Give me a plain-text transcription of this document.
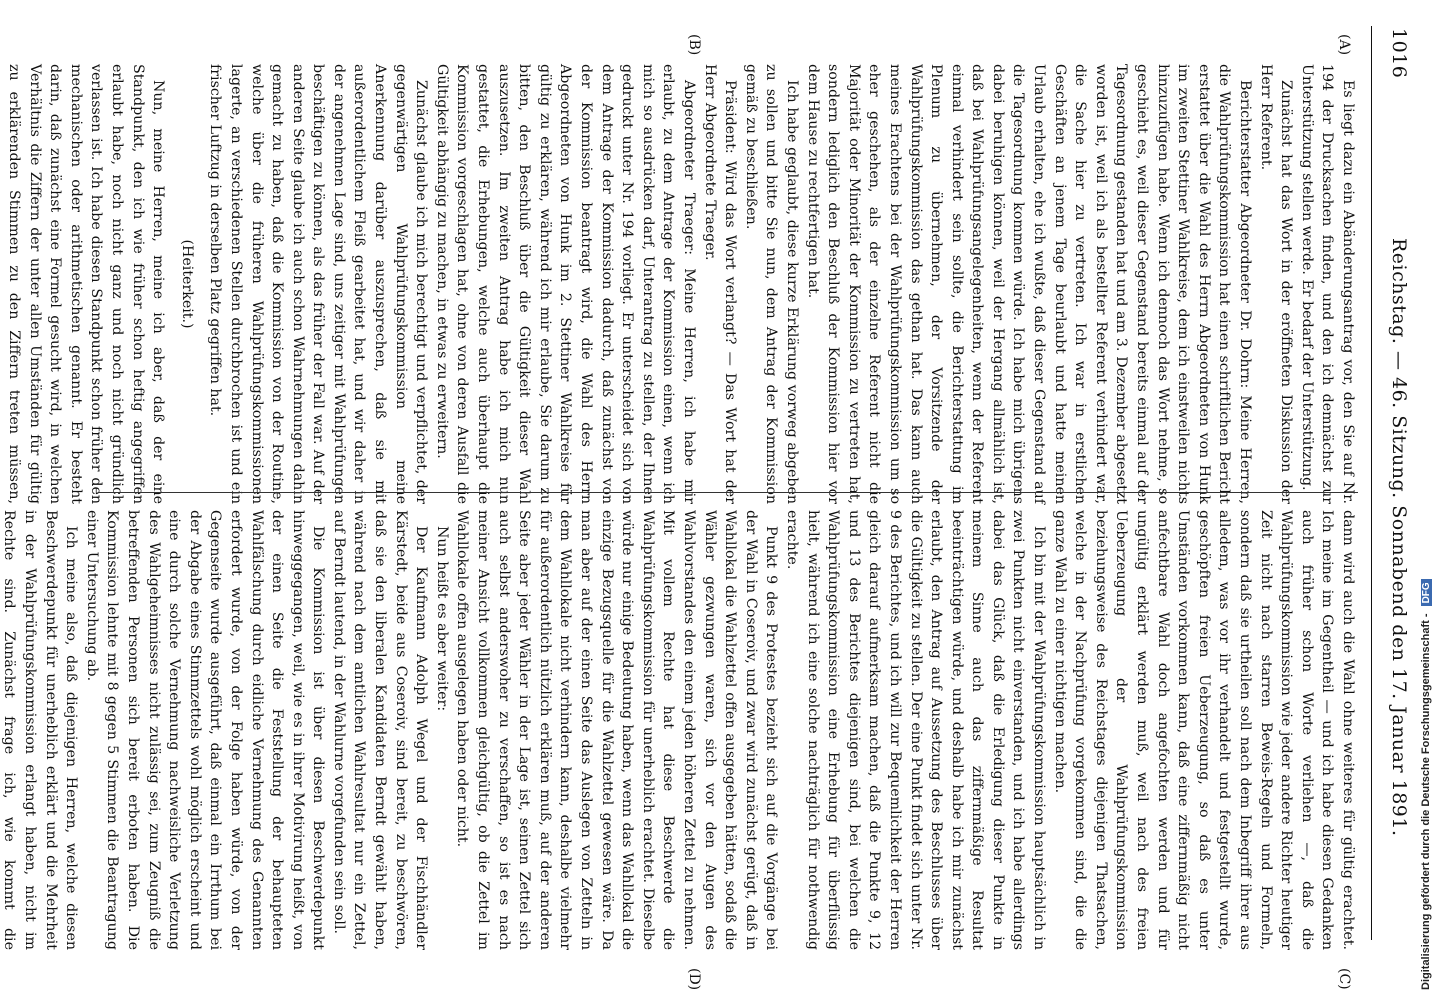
1016
Reichstag. — 46. Sitzung. Sonnabend den 17. Januar 1891.
(A)
(B)
(C)
(D)

Es liegt dazu ein Abänderungsantrag vor, den Sie auf Nr. 194 der Drucksachen finden, und den ich demnächst zur Unterstützung stellen werde. Er bedarf der Unterstützung.

Zunächst hat das Wort in der eröffneten Diskussion der Herr Referent.

Berichterstatter Abgeordneter Dr. Dohrn: Meine Herren, die Wahlprüfungskommission hat einen schriftlichen Bericht erstattet über die Wahl des Herrn Abgeordneten von Hunk im zweiten Stettiner Wahlkreise, dem ich einstweilen nichts hinzuzufügen habe. Wenn ich dennoch das Wort nehme, so geschieht es, weil dieser Gegenstand bereits einmal auf der Tagesordnung gestanden hat und am 3. Dezember abgesetzt worden ist, weil ich als bestellter Referent verhindert war, die Sache hier zu vertreten. Ich war in erstlichen Geschäften an jenem Tage beurlaubt und hatte meinen Urlaub erhalten, ehe ich wußte, daß dieser Gegenstand auf die Tagesordnung kommen würde. Ich habe mich übrigens dabei beruhigen können, weil der Hergang allmählich ist, daß bei Wahlprüfungsangelegenheiten, wenn der Referent einmal verhindert sein sollte, die Berichterstattung im Plenum zu übernehmen, der Vorsitzende der Wahlprüfungskommission das gethan hat. Das kann auch meines Erachtens bei der Wahlprüfungskommission um so eher geschehen, als der einzelne Referent nicht die Majorität oder Minorität der Kommission zu vertreten hat, sondern lediglich den Beschluß der Kommission hier vor dem Hause zu rechtfertigen hat.

Ich habe geglaubt, diese kurze Erklärung vorweg abgeben zu sollen und bitte Sie nun, dem Antrag der Kommission gemäß zu beschließen.

Präsident: Wird das Wort verlangt? — Das Wort hat der Herr Abgeordnete Traeger.

Abgeordneter Traeger: Meine Herren, ich habe mir erlaubt, zu dem Antrage der Kommission einen, wenn ich mich so ausdrücken darf, Unterantrag zu stellen, der Ihnen gedruckt unter Nr. 194 vorliegt. Er unterscheidet sich von dem Antrage der Kommission dadurch, daß zunächst von der Kommission beantragt wird, die Wahl des Herrn Abgeordneten von Hunk im 2. Stettiner Wahlkreise für gültig zu erklären, während ich mir erlaube, Sie darum zu bitten, den Beschluß über die Gültigkeit dieser Wahl auszusetzen. Im zweiten Antrag habe ich mich nun gestattet, die Erhebungen, welche auch überhaupt die Kommission vorgeschlagen hat, ohne von deren Ausfall die Gültigkeit abhängig zu machen, in etwas zu erweitern.

Zunächst glaube ich mich berechtigt und verpflichtet, der gegenwärtigen Wahlprüfungskommission meine Anerkennung darüber auszusprechen, daß sie mit außerordentlichem Fleiß gearbeitet hat, und wir daher in der angenehmen Lage sind, uns zeitiger mit Wahlprüfungen beschäftigen zu können, als das früher der Fall war. Auf der anderen Seite glaube ich auch schon Wahrnehmungen dahin gemacht zu haben, daß die Kommission von der Routine, welche über die früheren Wahlprüfungskommissionen lagerte, an verschiedenen Stellen durchbrochen ist und ein frischer Luftzug in derselben Platz gegriffen hat.

(Heiterkeit.)

Nun, meine Herren, meine ich aber, daß der eine Standpunkt, den ich wie früher schon heftig angegriffen erlaubt habe, noch nicht ganz und noch nicht gründlich verlassen ist. Ich habe diesen Standpunkt schon früher den mechanischen oder arithmetischen genannt. Er besteht darin, daß zunächst eine Formel gesucht wird, in welchen Verhältnis die Ziffern der unter allen Umständen für gültig zu erklärenden Stimmen zu den Ziffern treten müssen,

dann wird auch die Wahl ohne weiteres für gültig erachtet. Ich meine im Gegentheil — und ich habe diesen Gedanken auch früher schon Worte verliehen —, daß die Wahlprüfungskommission wie jeder andere Richter heutiger Zeit nicht nach starren Beweis-Regeln und Formeln, sondern daß sie urtheilen soll nach dem Inbegriff ihrer aus alledem, was vor ihr verhandelt und festgestellt wurde, geschöpften freien Ueberzeugung, so daß es unter Umständen vorkommen kann, daß eine ziffernmäßig nicht anfechtbare Wahl doch angefochten werden und für ungültig erklärt werden muß, weil nach des freien Ueberzeugung der Wahlprüfungskommission beziehungsweise des Reichstages diejenigen Thatsachen, welche in der Nachprüfung vorgekommen sind, die die ganze Wahl zu einer nichtigen machen.

Ich bin mit der Wahlprüfungskommission hauptsächlich in zwei Punkten nicht einverstanden, und ich habe allerdings dabei das Glück, daß die Erledigung dieser Punkte in meinem Sinne auch das ziffernmäßige Resultat beeinträchtigen würde, und deshalb habe ich mir zunächst erlaubt, den Antrag auf Aussetzung des Beschlusses über die Gültigkeit zu stellen. Der eine Punkt findet sich unter Nr. 9 des Berichtes, und ich will zur Bequemlichkeit der Herren gleich darauf aufmerksam machen, daß die Punkte 9, 12 und 13 des Berichtes diejenigen sind, bei welchen die Wahlprüfungskommission eine Erhebung für überflüssig hielt, während ich eine solche nachträglich für nothwendig erachte.

Punkt 9 des Protestes bezieht sich auf die Vorgänge bei der Wahl in Coseroiv, und zwar wird zunächst gerügt, daß in Wahllokal die Wahlzettel offen ausgegeben hätten, sodaß die Wähler gezwungen waren, sich vor den Augen des Wahlvorstandes den einem jeden höheren Zettel zu nehmen. Mit vollem Rechte hat diese Beschwerde die Wahlprüfungskommission für unerheblich erachtet. Dieselbe würde nur einige Bedeutung haben, wenn das Wahllokal die einzige Bezugsquelle für die Wahlzettel gewesen wäre. Da man aber auf der einen Seite das Auslegen von Zetteln in dem Wahllokale nicht verhindern kann, deshalbe vielmehr für außerordentlich nützlich erklären muß, auf der anderen Seite aber jeder Wähler in der Lage ist, seinen Zettel sich auch selbst anderswoher zu verschaffen, so ist es nach meiner Ansicht vollkommen gleichgültig, ob die Zettel im Wahllokale offen ausgelegen haben oder nicht.

Nun heißt es aber weiter:

Der Kaufmann Adolph Wegel und der Fischhändler Kärstedt, beide aus Coseroiv, sind bereit, zu beschwören, daß sie den liberalen Kandidaten Berndt gewählt haben, während nach dem amtlichen Wahlresultat nur ein Zettel, auf Berndt lautend, in der Wahlurne vorgefunden sein soll.

Die Kommission ist über diesen Beschwerdepunkt hinweggegangen, weil, wie es in ihrer Motivirung heißt, von der einen Seite die Feststellung der behaupteten Wahlfälschung durch eidliche Vernehmung des Genannten erfordert wurde, von der Folge haben würde, von der Gegenseite wurde ausgeführt, daß einmal ein Irrthum bei der Abgabe eines Stimmzettels wohl möglich erscheint und eine durch solche Vernehmung nachweisliche Verletzung des Wahlgeheimnisses nicht zulässig sei, zum Zeugniß die betreffenden Personen sich bereit erboten haben. Die Kommission lehnte mit 8 gegen 5 Stimmen die Beantragung einer Untersuchung ab.

Ich meine also, daß diejenigen Herren, welche diesen Beschwerdepunkt für unerheblich erklärt und die Mehrheit in der Wahlprüfungskommission erlangt haben, nicht im Rechte sind. Zunächst frage ich, wie kommt die	Digitalisierung gefördert durch die Deutsche Forschungsgemeinschaft - DFG
